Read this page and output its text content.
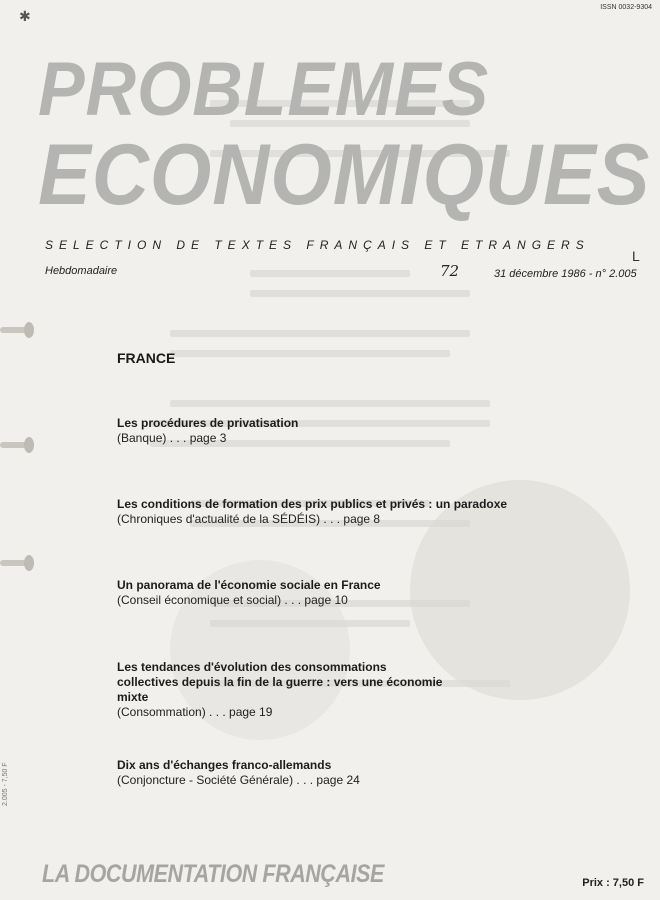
✱
ISSN 0032-9304
PROBLEMES
ECONOMIQUES
SELECTION DE TEXTES FRANÇAIS ET ETRANGERS
L
Hebdomadaire	72	31 décembre 1986 - n° 2.005
FRANCE
Les procédures de privatisation
(Banque) . . . page 3
Les conditions de formation des prix publics et privés : un paradoxe
(Chroniques d'actualité de la SÉDÉIS) . . . page 8
Un panorama de l'économie sociale en France
(Conseil économique et social) . . . page 10
Les tendances d'évolution des consommations collectives depuis la fin de la guerre : vers une économie mixte
(Consommation) . . . page 19
Dix ans d'échanges franco-allemands
(Conjoncture - Société Générale) . . . page 24
2.005 - 7,50 F
LA DOCUMENTATION FRANÇAISE	Prix : 7,50 F
